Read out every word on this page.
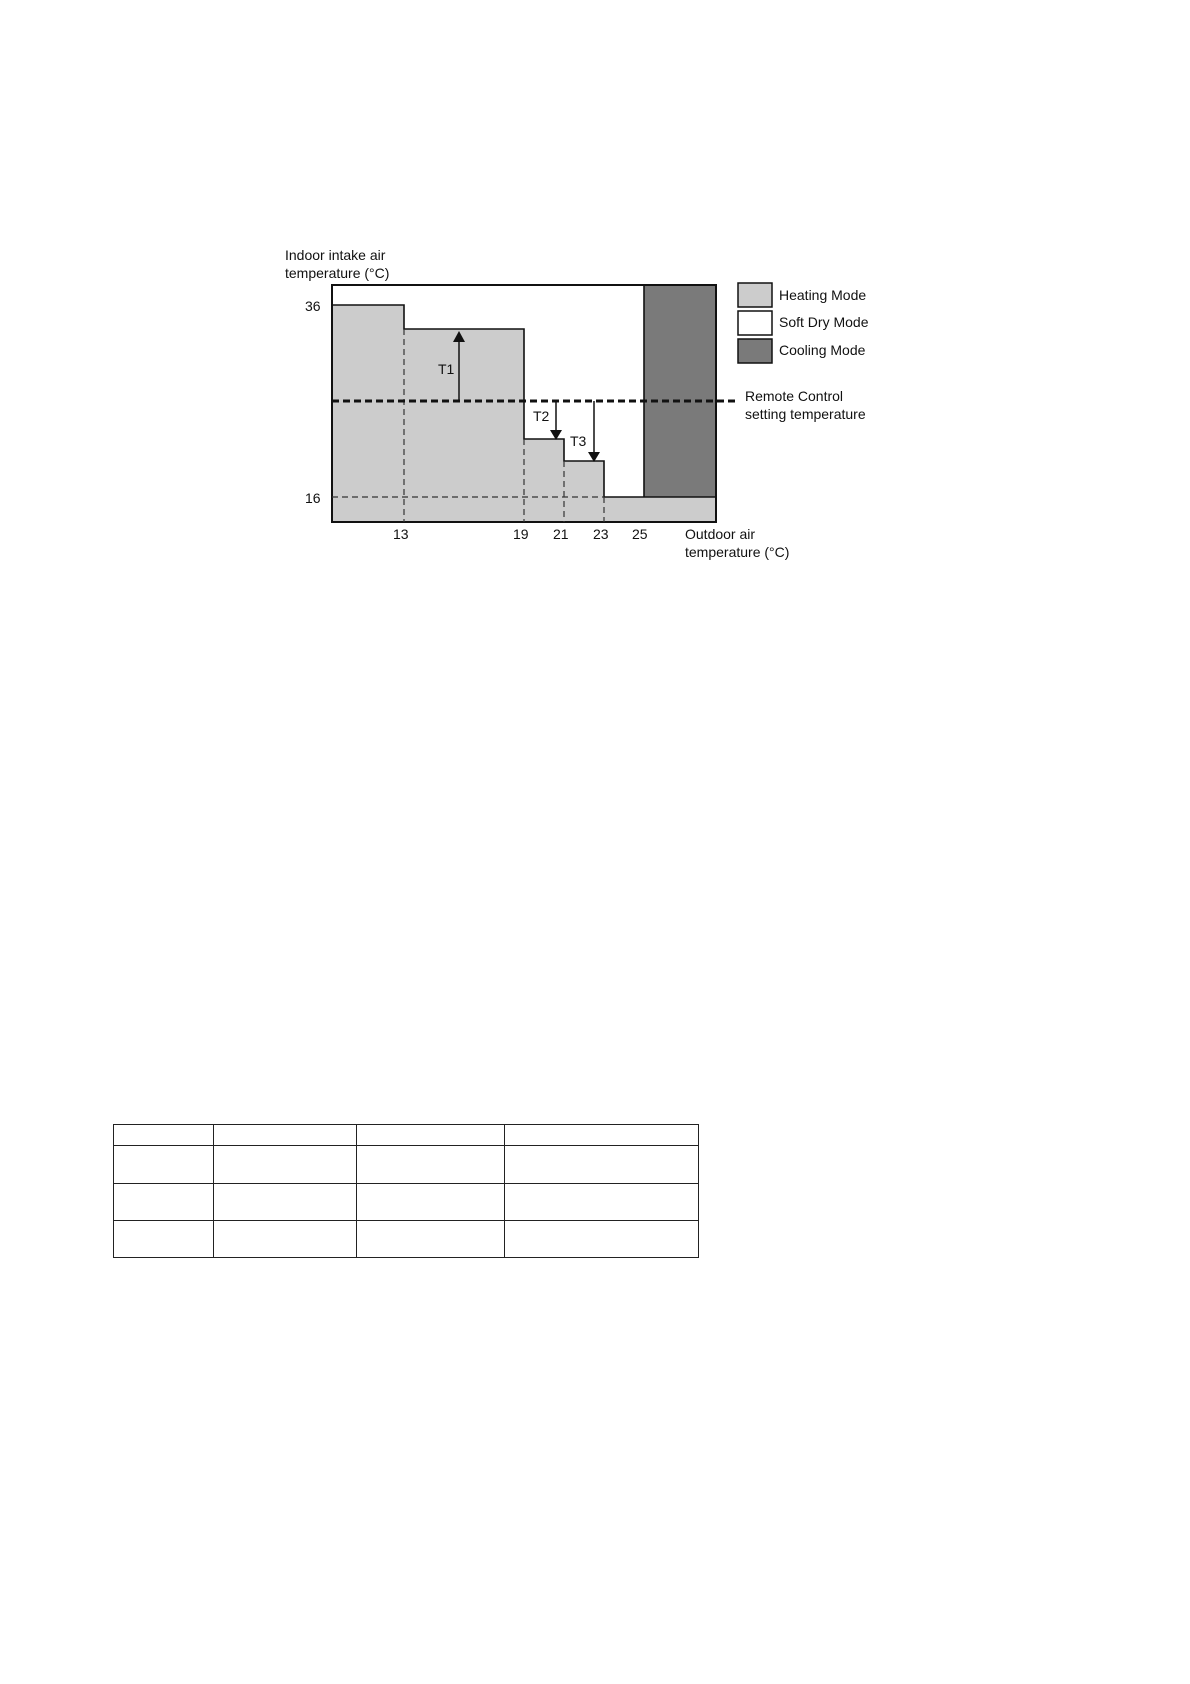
T1
T2
T3
Indoor intake air
temperature (°C)
36
16
13	19 21 23 25	Outdoor air
temperature (°C)
Heating Mode
Soft Dry Mode
Cooling Mode
Remote Control
setting temperature
